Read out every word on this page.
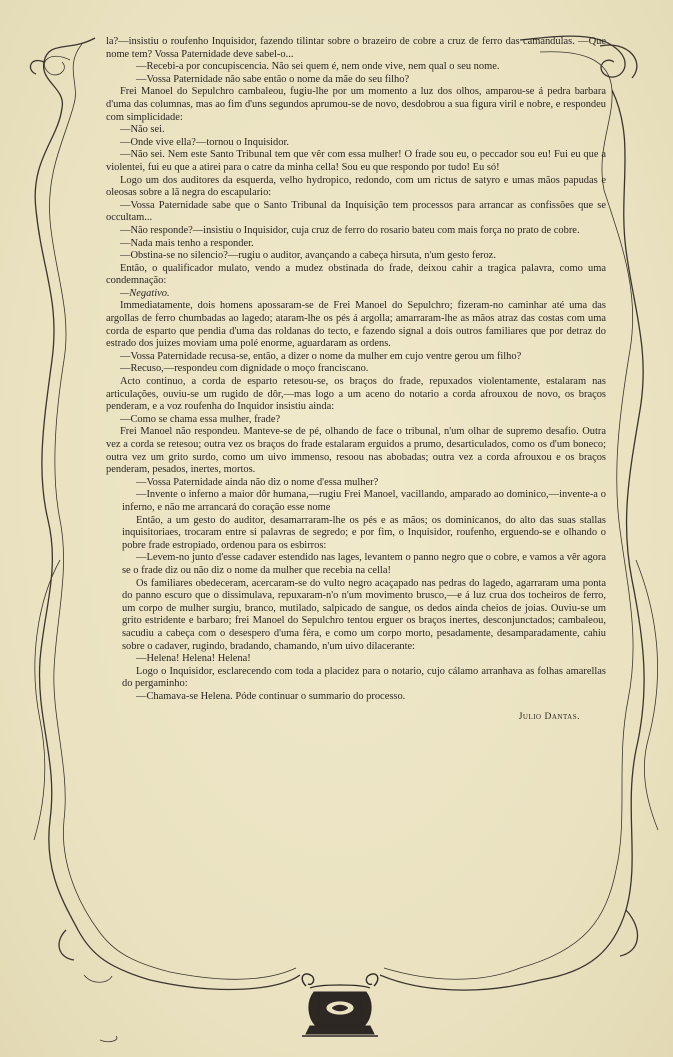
la?—insistiu o roufenho Inquisidor, fazendo tilintar sobre o brazeiro de cobre a cruz de ferro das camandulas. —Que nome tem? Vossa Paternidade deve sabel-o...

—Recebi-a por concupiscencia. Não sei quem é, nem onde vive, nem qual o seu nome.

—Vossa Paternidade não sabe então o nome da mãe do seu filho?

Frei Manoel do Sepulchro cambaleou, fugiu-lhe por um momento a luz dos olhos, amparou-se á pedra barbara d'uma das columnas, mas ao fim d'uns segundos aprumou-se de novo, desdobrou a sua figura viril e nobre, e respondeu com simplicidade:

—Não sei.

—Onde vive ella?—tornou o Inquisidor.

—Não sei. Nem este Santo Tribunal tem que vêr com essa mulher! O frade sou eu, o peccador sou eu! Fui eu que a violentei, fui eu que a atirei para o catre da minha cella! Sou eu que respondo por tudo! Eu só!

Logo um dos auditores da esquerda, velho hydropico, redondo, com um rictus de satyro e umas mãos papudas e oleosas sobre a lã negra do escapulario:

—Vossa Paternidade sabe que o Santo Tribunal da Inquisição tem processos para arrancar as confissões que se occultam...

—Não responde?—insistiu o Inquisidor, cuja cruz de ferro do rosario bateu com mais força no prato de cobre.

—Nada mais tenho a responder.

—Obstina-se no silencio?—rugiu o auditor, avançando a cabeça hirsuta, n'um gesto feroz.

Então, o qualificador mulato, vendo a mudez obstinada do frade, deixou cahir a tragica palavra, como uma condemnação:

—Negativo.

Immediatamente, dois homens apossaram-se de Frei Manoel do Sepulchro; fizeram-no caminhar até uma das argollas de ferro chumbadas ao lagedo; ataram-lhe os pés á argolla; amarraram-lhe as mãos atraz das costas com uma corda de esparto que pendia d'uma das roldanas do tecto, e fazendo signal a dois outros familiares que por detraz do estrado dos juizes moviam uma polé enorme, aguardaram as ordens.

—Vossa Paternidade recusa-se, então, a dizer o nome da mulher em cujo ventre gerou um filho?

—Recuso,—respondeu com dignidade o moço franciscano.

Acto continuo, a corda de esparto retesou-se, os braços do frade, repuxados violentamente, estalaram nas articulações, ouviu-se um rugido de dôr,—mas logo a um aceno do notario a corda afrouxou de novo, os braços penderam, e a voz roufenha do Inquidor insistiu ainda:

—Como se chama essa mulher, frade?

Frei Manoel não respondeu. Manteve-se de pé, olhando de face o tribunal, n'um olhar de supremo desafio. Outra vez a corda se retesou; outra vez os braços do frade estalaram erguidos a prumo, desarticulados, como os d'um boneco; outra vez um grito surdo, como um uivo immenso, resoou nas abobadas; outra vez a corda afrouxou e os braços penderam, pesados, inertes, mortos.

—Vossa Paternidade ainda não diz o nome d'essa mulher?

—Invente o inferno a maior dôr humana,—rugiu Frei Manoel, vacillando, amparado ao dominico,—invente-a o inferno, e não me arrancará do coração esse nome

Então, a um gesto do auditor, desamarraram-lhe os pés e as mãos; os dominicanos, do alto das suas stallas inquisitoriaes, trocaram entre si palavras de segredo; e por fim, o Inquisidor, roufenho, erguendo-se e olhando o pobre frade estropiado, ordenou para os esbirros:

—Levem-no junto d'esse cadaver estendido nas lages, levantem o panno negro que o cobre, e vamos a vêr agora se o frade diz ou não diz o nome da mulher que recebia na cella!

Os familiares obedeceram, acercaram-se do vulto negro acaçapado nas pedras do lagedo, agarraram uma ponta do panno escuro que o dissimulava, repuxaram-n'o n'um movimento brusco,—e á luz crua dos tocheiros de ferro, um corpo de mulher surgiu, branco, mutilado, salpicado de sangue, os dedos ainda cheios de joias. Ouviu-se um grito estridente e barbaro; frei Manoel do Sepulchro tentou erguer os braços inertes, desconjunctados; cambaleou, sacudiu a cabeça com o desespero d'uma féra, e como um corpo morto, pesadamente, desamparadamente, cahiu sobre o cadaver, rugindo, bradando, chamando, n'um uivo dilacerante:

—Helena! Helena! Helena!

Logo o Inquisidor, esclarecendo com toda a placidez para o notario, cujo cálamo arranhava as folhas amarellas do pergaminho:

—Chamava-se Helena. Póde continuar o summario do processo.

Julio Dantas.
